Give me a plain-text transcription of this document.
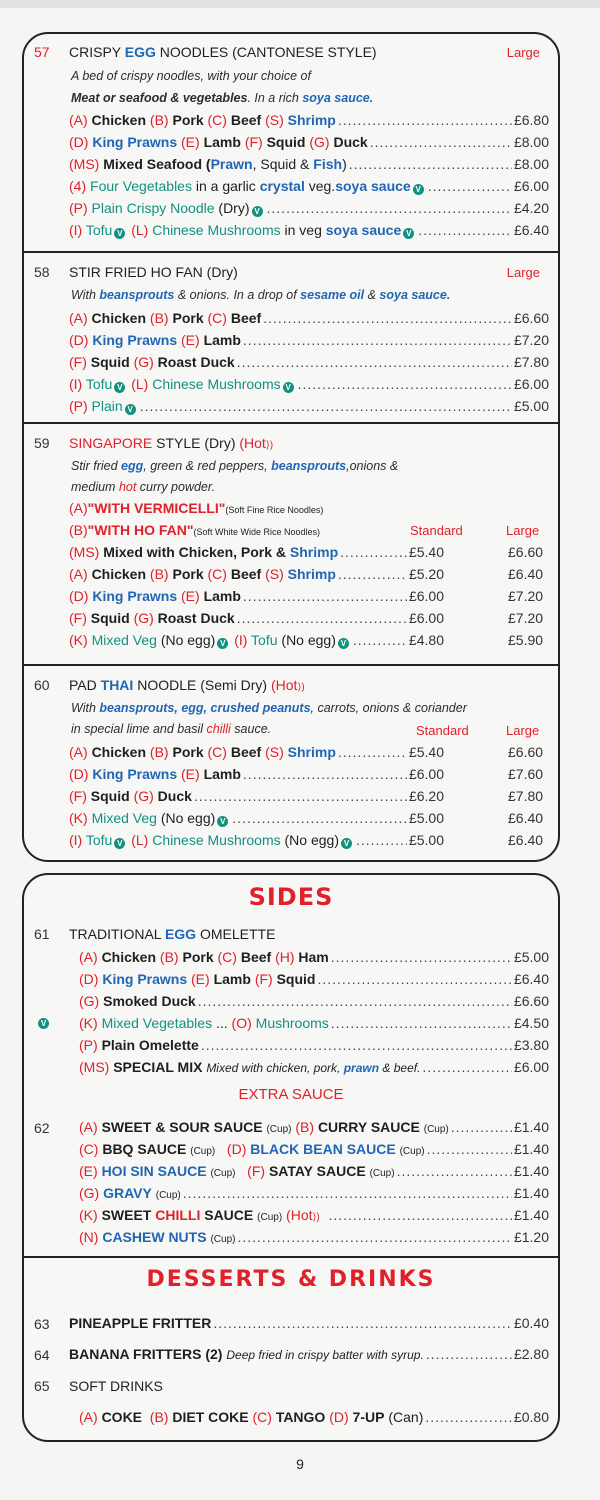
57 CRISPY EGG NOODLES (CANTONESE STYLE)	Large
A bed of crispy noodles, with your choice of
Meat or seafood & vegetables. In a rich soya sauce.
(A) Chicken (B) Pork (C) Beef (S) Shrimp .....	£6.80
(D) King Prawns (E) Lamb (F) Squid (G) Duck .....	£8.00
(MS) Mixed Seafood (Prawn, Squid & Fish) .....	£8.00
(4) Four Vegetables in a garlic crystal veg.soya sauce V .....	£6.00
(P) Plain Crispy Noodle (Dry) V .....	£4.20
(I) Tofu V (L) Chinese Mushrooms in veg soya sauce V .....	£6.40
58 STIR FRIED HO FAN (Dry)	Large
With beansprouts & onions. In a drop of sesame oil & soya sauce.
(A) Chicken (B) Pork (C) Beef .....	£6.60
(D) King Prawns (E) Lamb .....	£7.20
(F) Squid (G) Roast Duck .....	£7.80
(I) Tofu V (L) Chinese Mushrooms V .....	£6.00
(P) Plain V .....	£5.00
59 SINGAPORE STYLE (Dry) (Hot⟩)
Stir fried egg, green & red peppers, beansprouts,onions &
medium hot curry powder.
(A) "WITH VERMICELLI" (Soft Fine Rice Noodles)
(B) "WITH HO FAN" (Soft White Wide Rice Noodles)	Standard	Large
(MS) Mixed with Chicken, Pork & Shrimp .....	£5.40	£6.60
(A) Chicken (B) Pork (C) Beef (S) Shrimp .....	£5.20	£6.40
(D) King Prawns (E) Lamb .....	£6.00	£7.20
(F) Squid (G) Roast Duck .....	£6.00	£7.20
(K) Mixed Veg (No egg) V (I) Tofu (No egg) V .....	£4.80	£5.90
60 PAD THAI NOODLE (Semi Dry) (Hot⟩)
With beansprouts, egg, crushed peanuts, carrots, onions & coriander
in special lime and basil chilli sauce.	Standard	Large
(A) Chicken (B) Pork (C) Beef (S) Shrimp .....	£5.40	£6.60
(D) King Prawns (E) Lamb .....	£6.00	£7.60
(F) Squid (G) Duck .....	£6.20	£7.80
(K) Mixed Veg (No egg) V .....	£5.00	£6.40
(I) Tofu V (L) Chinese Mushrooms (No egg) V .....	£5.00	£6.40
SIDES
61 TRADITIONAL EGG OMELETTE
(A) Chicken (B) Pork (C) Beef (H) Ham .....	£5.00
(D) King Prawns (E) Lamb (F) Squid .....	£6.40
(G) Smoked Duck .....	£6.60
V (K) Mixed Vegetables ... (O) Mushrooms .....	£4.50
(P) Plain Omelette .....	£3.80
(MS) SPECIAL MIX Mixed with chicken, pork, prawn & beef. .....	£6.00
EXTRA SAUCE
62 (A) SWEET & SOUR SAUCE (Cup) (B) CURRY SAUCE (Cup) .....	£1.40
(C) BBQ SAUCE (Cup) (D) BLACK BEAN SAUCE (Cup) .....	£1.40
(E) HOI SIN SAUCE (Cup) (F) SATAY SAUCE (Cup) .....	£1.40
(G) GRAVY (Cup) .....	£1.40
(K) SWEET CHILLI SAUCE (Cup) (Hot⟩) .....	£1.40
(N) CASHEW NUTS (Cup) .....	£1.20
DESSERTS & DRINKS
63 PINEAPPLE FRITTER .....	£0.40
64 BANANA FRITTERS (2) Deep fried in crispy batter with syrup. .....	£2.80
65 SOFT DRINKS
(A) COKE (B) DIET COKE (C) TANGO (D) 7-UP (Can) .....	£0.80
9
